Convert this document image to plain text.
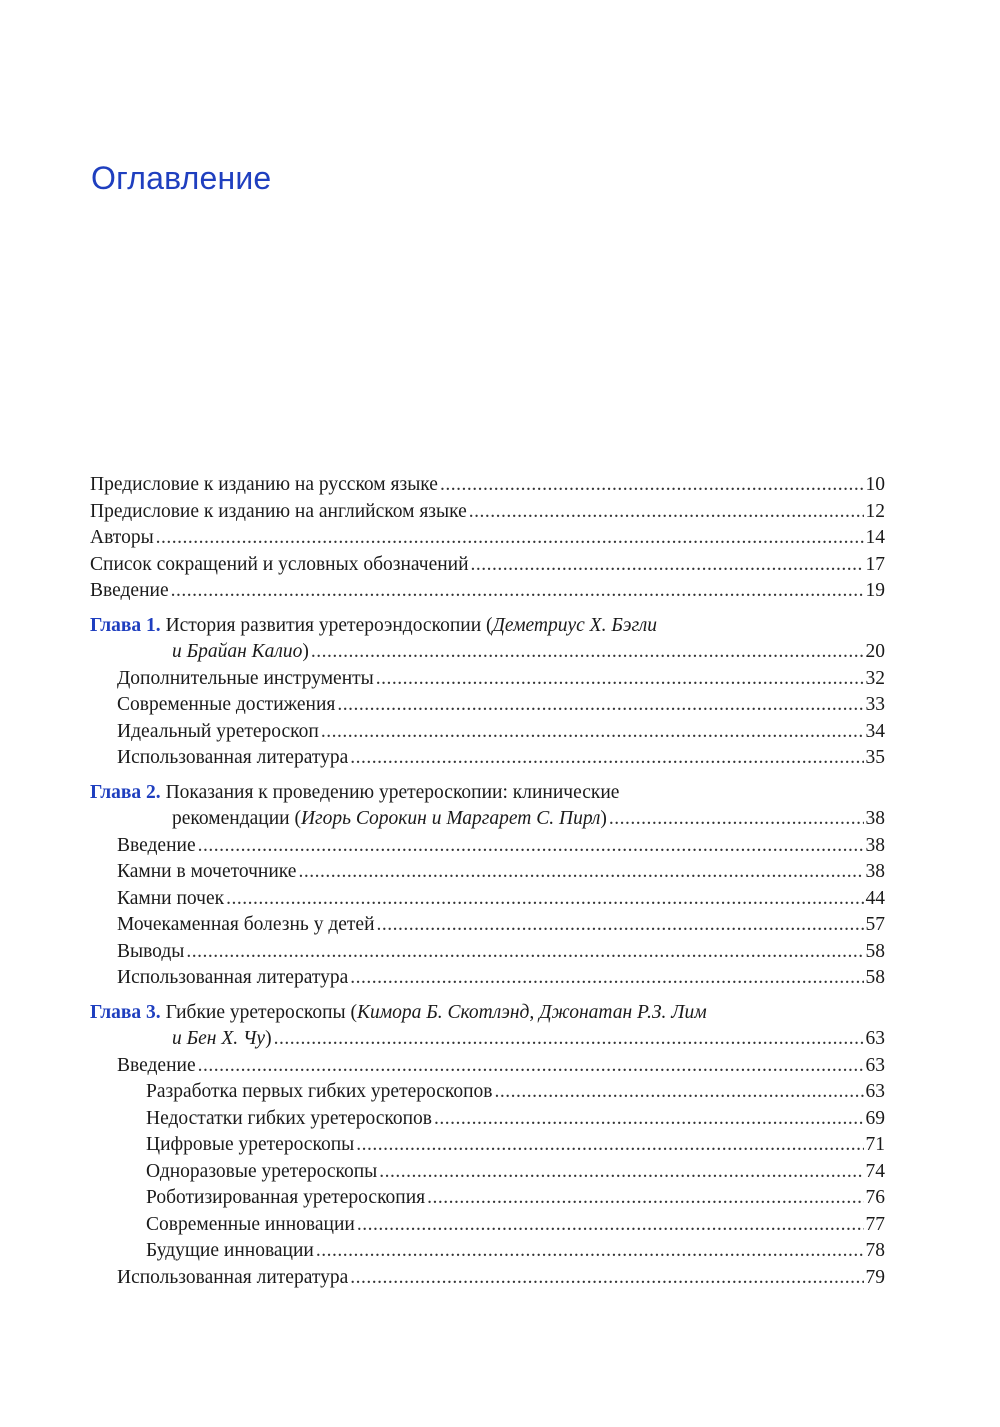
Оглавление
Предисловие к изданию на русском языке .....	10
Предисловие к изданию на английском языке .....	12
Авторы .....	14
Список сокращений и условных обозначений .....	17
Введение .....	19
Глава 1. История развития уретероэндоскопии (Деметриус Х. Бэгли
и Брайан Калио) .....	20
Дополнительные инструменты .....	32
Современные достижения .....	33
Идеальный уретероскоп .....	34
Использованная литература .....	35
Глава 2. Показания к проведению уретероскопии: клинические
рекомендации (Игорь Сорокин и Маргарет С. Пирл) .....	38
Введение .....	38
Камни в мочеточнике .....	38
Камни почек .....	44
Мочекаменная болезнь у детей .....	57
Выводы .....	58
Использованная литература .....	58
Глава 3. Гибкие уретероскопы (Кимора Б. Скотлэнд, Джонатан Р.З. Лим
и Бен Х. Чу) .....	63
Введение .....	63
Разработка первых гибких уретероскопов .....	63
Недостатки гибких уретероскопов .....	69
Цифровые уретероскопы .....	71
Одноразовые уретероскопы .....	74
Роботизированная уретероскопия .....	76
Современные инновации .....	77
Будущие инновации .....	78
Использованная литература .....	79
